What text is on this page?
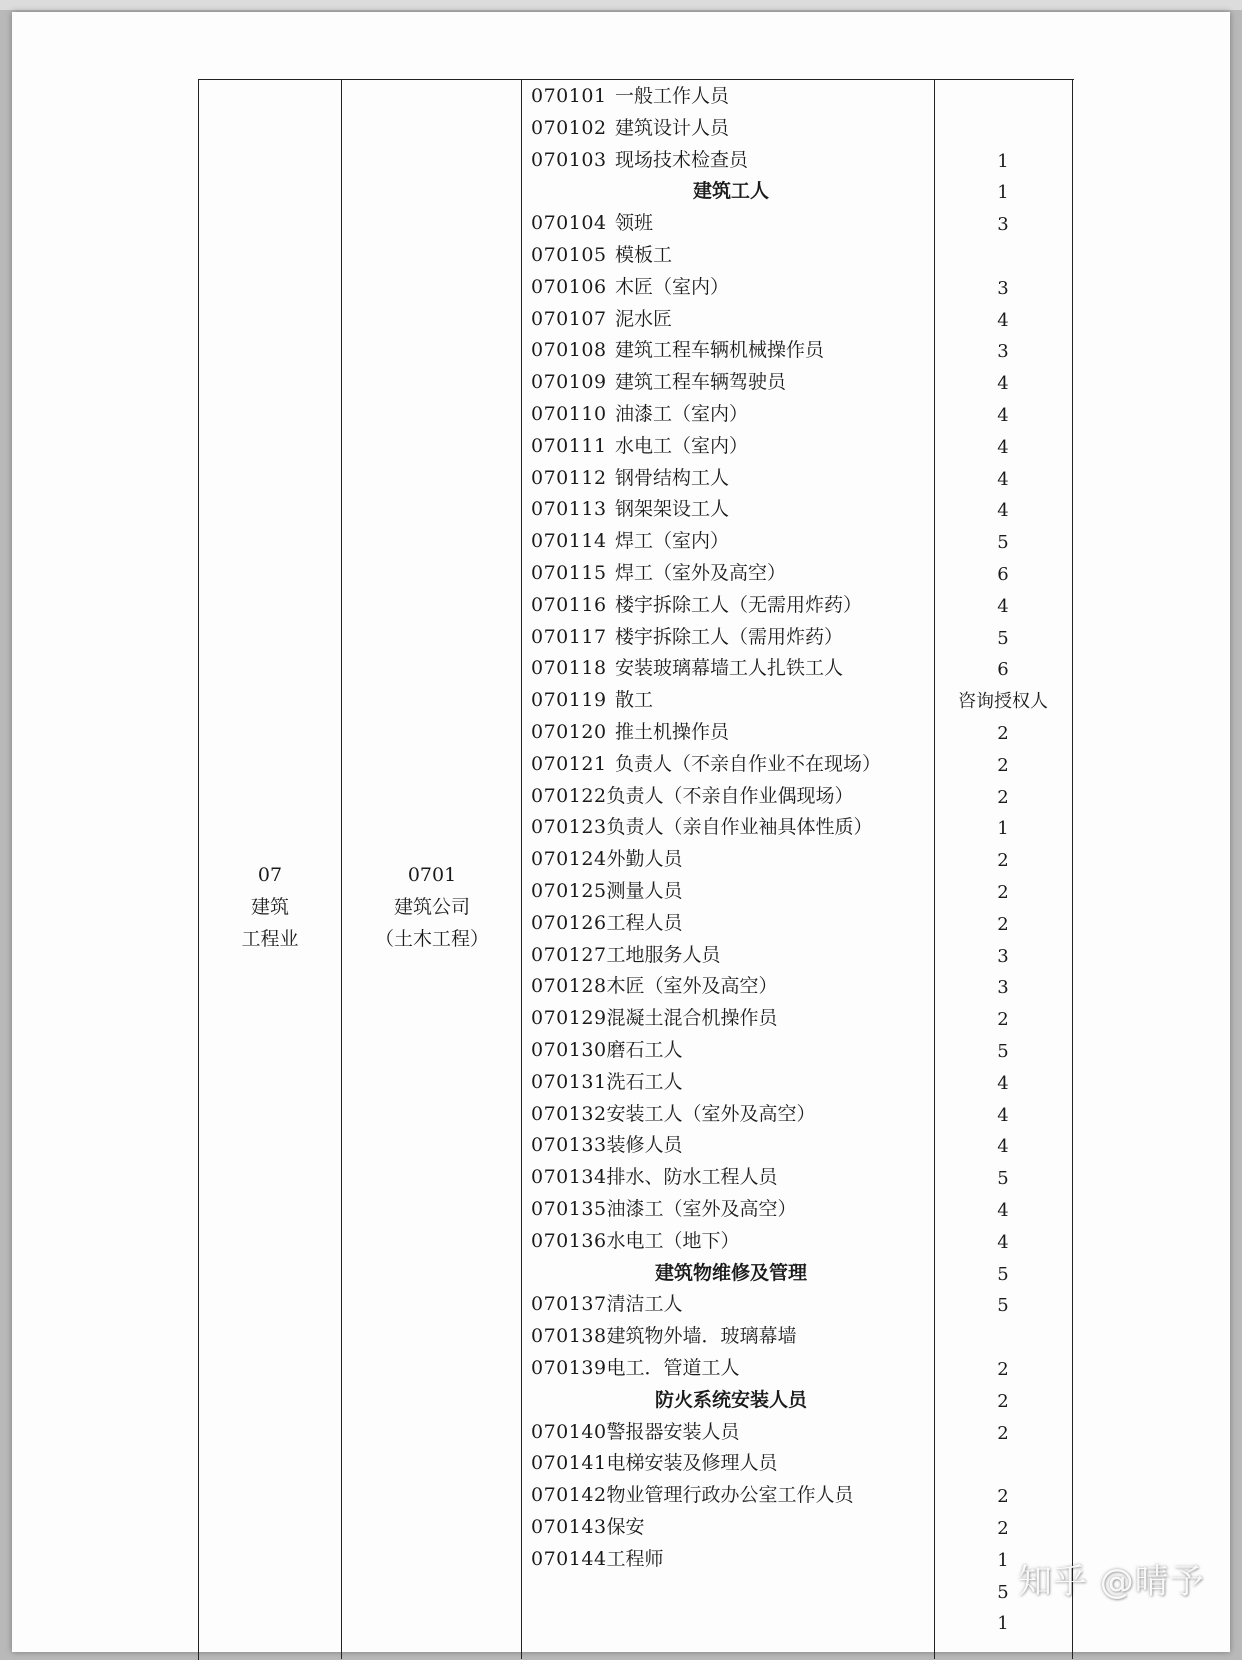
07
建筑
工程业
0701
建筑公司
（土木工程）
070101 一般工作人员
070102 建筑设计人员
070103 现场技术检查员
建筑工人
070104 领班
070105 模板工
070106 木匠（室内）
070107 泥水匠
070108 建筑工程车辆机械操作员
070109 建筑工程车辆驾驶员
070110 油漆工（室内）
070111 水电工（室内）
070112 钢骨结构工人
070113 钢架架设工人
070114 焊工（室内）
070115 焊工（室外及高空）
070116 楼宇拆除工人（无需用炸药）
070117 楼宇拆除工人（需用炸药）
070118 安装玻璃幕墙工人扎铁工人
070119 散工
070120 推土机操作员
070121 负责人（不亲自作业不在现场）
070122负责人（不亲自作业偶现场）
070123负责人（亲自作业袖具体性质）
070124外勤人员
070125测量人员
070126工程人员
070127工地服务人员
070128木匠（室外及高空）
070129混凝土混合机操作员
070130磨石工人
070131洗石工人
070132安装工人（室外及高空）
070133装修人员
070134排水、防水工程人员
070135油漆工（室外及高空）
070136水电工（地下）
建筑物维修及管理
070137清洁工人
070138建筑物外墙．玻璃幕墙
070139电工．管道工人
防火系统安装人员
070140警报器安装人员
070141电梯安装及修理人员
070142物业管理行政办公室工作人员
070143保安
070144工程师
1
1
3
3
4
3
4
4
4
4
4
5
6
4
5
6
咨询授权人
2
2
2
1
2
2
2
3
3
2
5
4
4
4
5
4
4
5
5
2
2
2
2
2
1
5
1
知乎 @晴予
